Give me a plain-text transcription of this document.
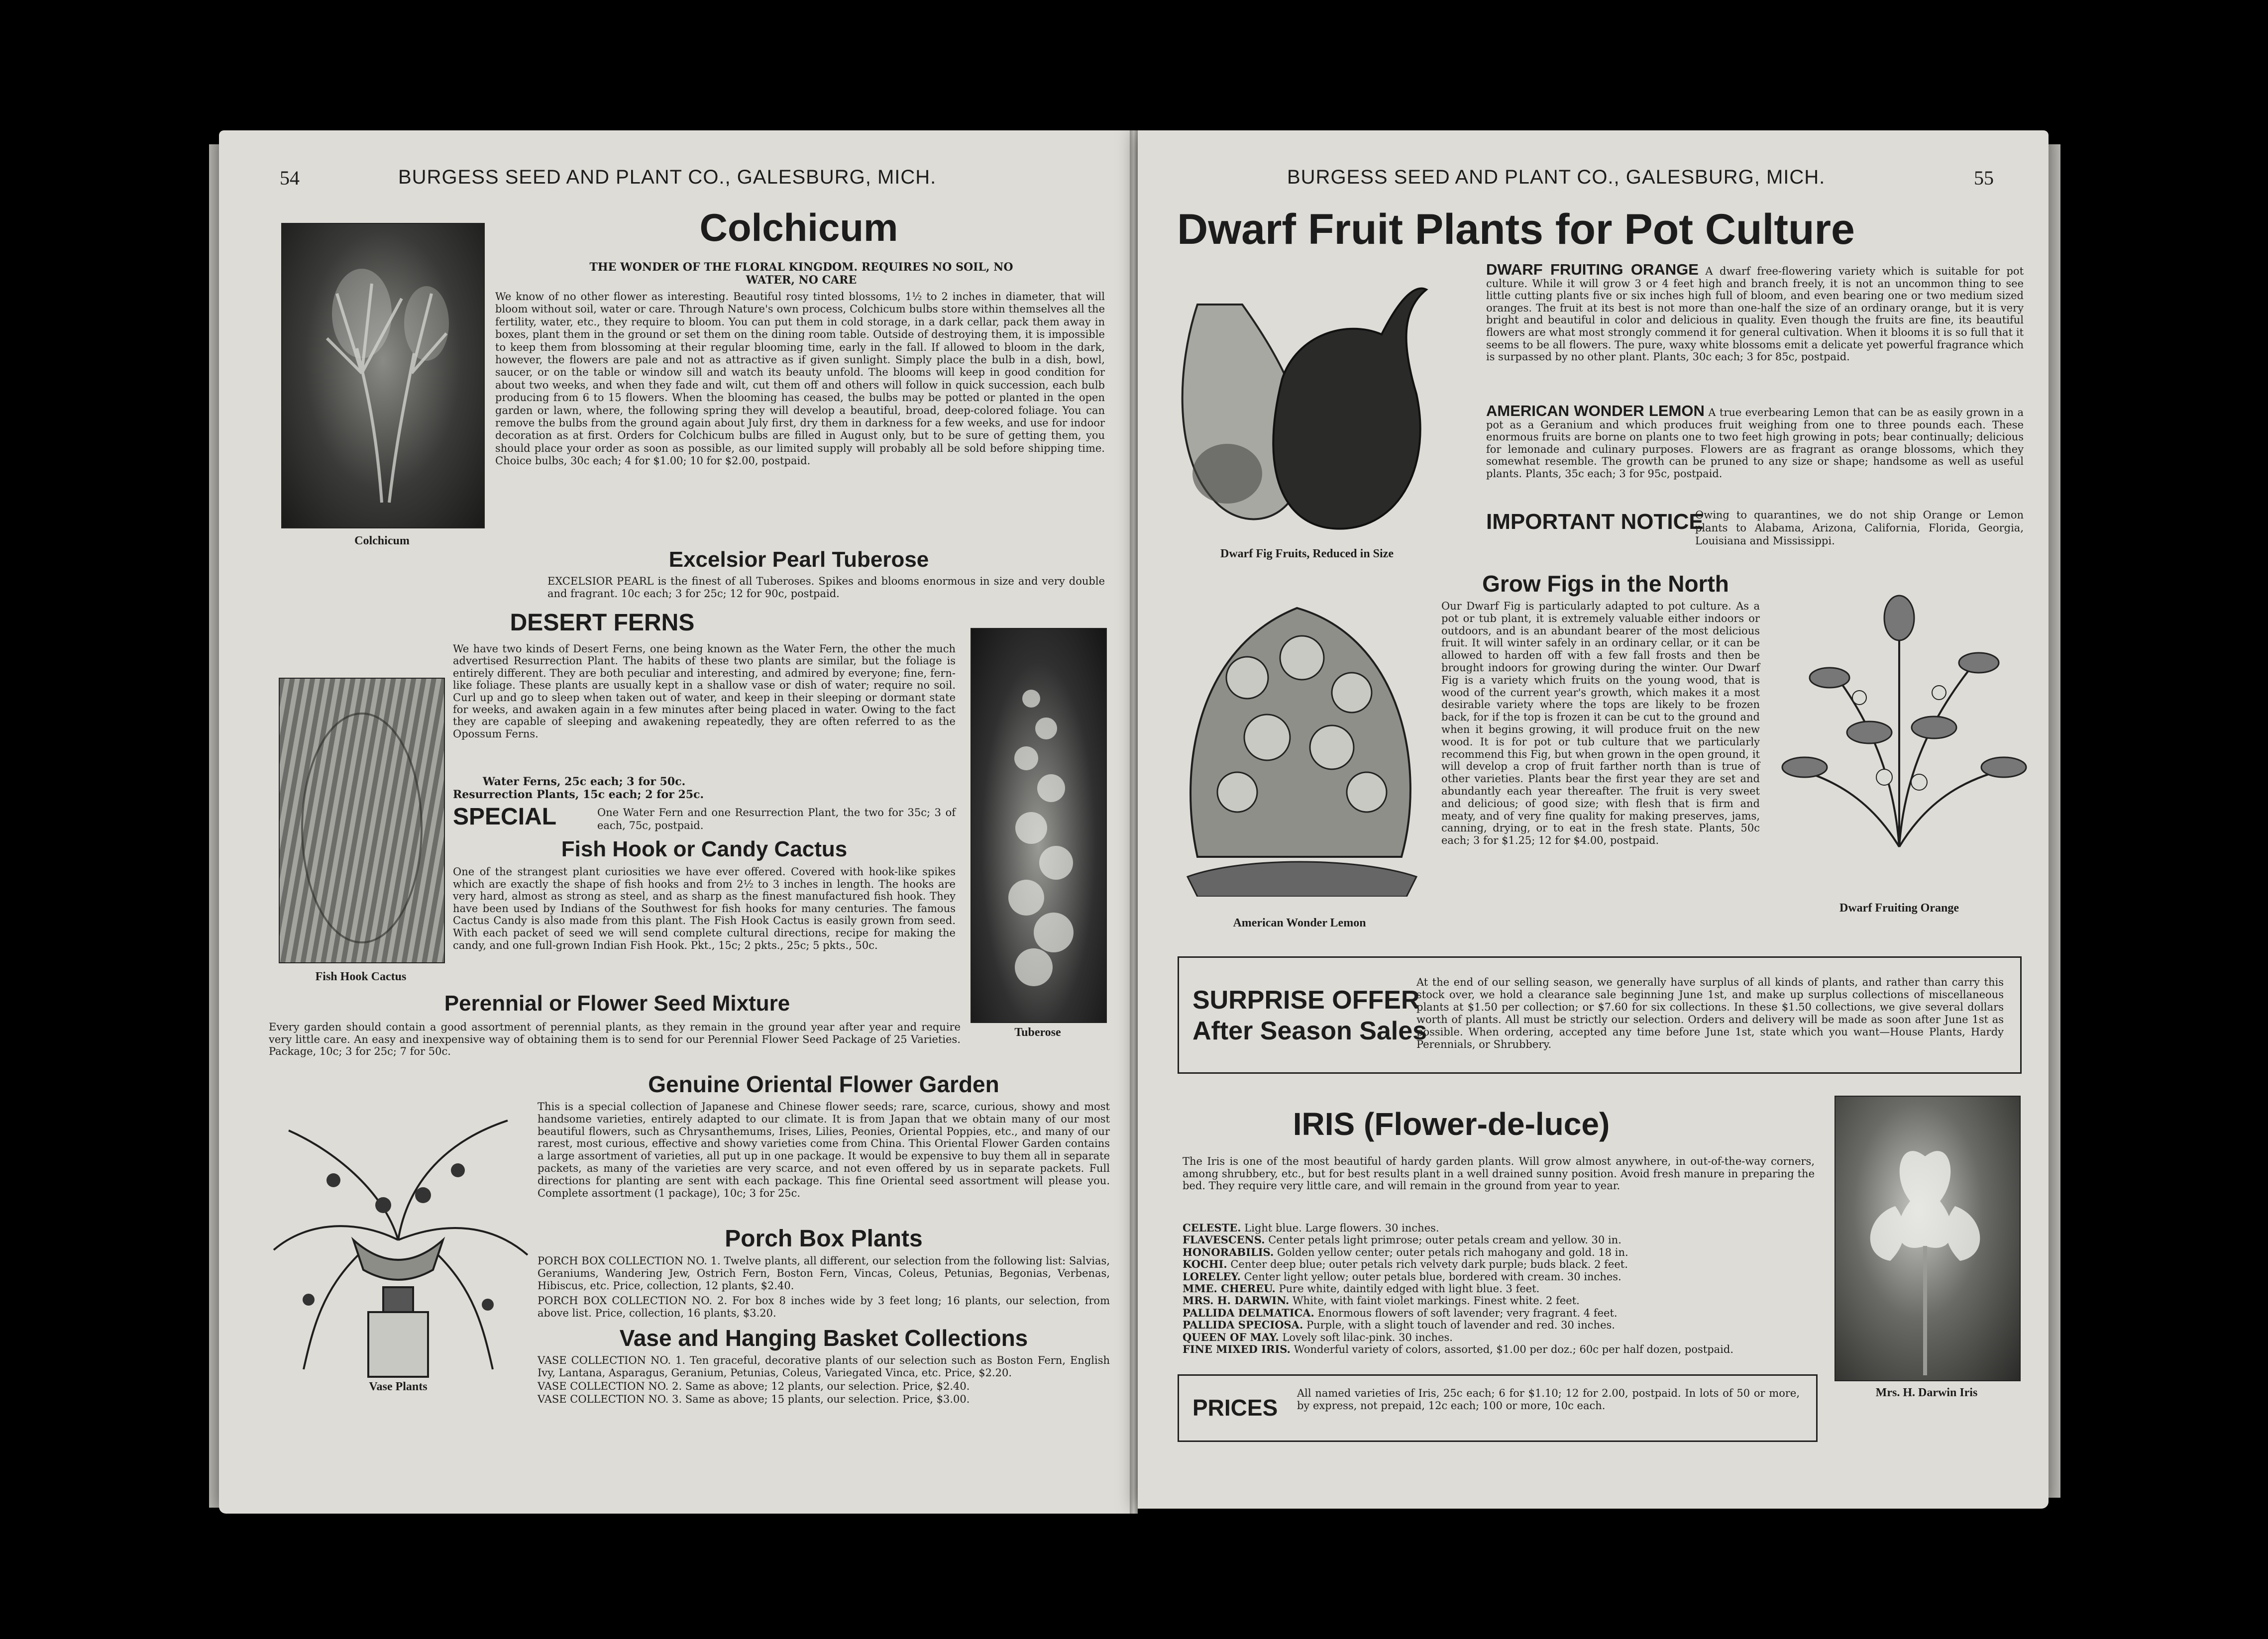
54	BURGESS SEED AND PLANT CO., GALESBURG, MICH.
Colchicum
Colchicum
THE WONDER OF THE FLORAL KINGDOM. REQUIRES NO SOIL, NO WATER, NO CARE
We know of no other flower as interesting. Beautiful rosy tinted blossoms, 1½ to 2 inches in diameter, that will bloom without soil, water or care. Through Nature's own process, Colchicum bulbs store within themselves all the fertility, water, etc., they require to bloom. You can put them in cold storage, in a dark cellar, pack them away in boxes, plant them in the ground or set them on the dining room table. Outside of destroying them, it is impossible to keep them from blossoming at their regular blooming time, early in the fall. If allowed to bloom in the dark, however, the flowers are pale and not as attractive as if given sunlight. Simply place the bulb in a dish, bowl, saucer, or on the table or window sill and watch its beauty unfold. The blooms will keep in good condition for about two weeks, and when they fade and wilt, cut them off and others will follow in quick succession, each bulb producing from 6 to 15 flowers. When the blooming has ceased, the bulbs may be potted or planted in the open garden or lawn, where, the following spring they will develop a beautiful, broad, deep-colored foliage. You can remove the bulbs from the ground again about July first, dry them in darkness for a few weeks, and use for indoor decoration as at first. Orders for Colchicum bulbs are filled in August only, but to be sure of getting them, you should place your order as soon as possible, as our limited supply will probably all be sold before shipping time. Choice bulbs, 30c each; 4 for $1.00; 10 for $2.00, postpaid.
Excelsior Pearl Tuberose
EXCELSIOR PEARL is the finest of all Tuberoses. Spikes and blooms enormous in size and very double and fragrant. 10c each; 3 for 25c; 12 for 90c, postpaid.
DESERT FERNS
We have two kinds of Desert Ferns, one being known as the Water Fern, the other the much advertised Resurrection Plant. The habits of these two plants are similar, but the foliage is entirely different. They are both peculiar and interesting, and admired by everyone; fine, fern-like foliage. These plants are usually kept in a shallow vase or dish of water; require no soil. Curl up and go to sleep when taken out of water, and keep in their sleeping or dormant state for weeks, and awaken again in a few minutes after being placed in water. Owing to the fact they are capable of sleeping and awakening repeatedly, they are often referred to as the Opossum Ferns.
Water Ferns, 25c each; 3 for 50c.
Resurrection Plants, 15c each; 2 for 25c.
SPECIAL	One Water Fern and one Resurrection Plant, the two for 35c; 3 of each, 75c, postpaid.
Fish Hook Cactus
Fish Hook or Candy Cactus
One of the strangest plant curiosities we have ever offered. Covered with hook-like spikes which are exactly the shape of fish hooks and from 2½ to 3 inches in length. The hooks are very hard, almost as strong as steel, and as sharp as the finest manufactured fish hook. They have been used by Indians of the Southwest for fish hooks for many centuries. The famous Cactus Candy is also made from this plant. The Fish Hook Cactus is easily grown from seed. With each packet of seed we will send complete cultural directions, recipe for making the candy, and one full-grown Indian Fish Hook. Pkt., 15c; 2 pkts., 25c; 5 pkts., 50c.
Tuberose
Perennial or Flower Seed Mixture
Every garden should contain a good assortment of perennial plants, as they remain in the ground year after year and require very little care. An easy and inexpensive way of obtaining them is to send for our Perennial Flower Seed Package of 25 Varieties. Package, 10c; 3 for 25c; 7 for 50c.
Vase Plants
Genuine Oriental Flower Garden
This is a special collection of Japanese and Chinese flower seeds; rare, scarce, curious, showy and most handsome varieties, entirely adapted to our climate. It is from Japan that we obtain many of our most beautiful flowers, such as Chrysanthemums, Irises, Lilies, Peonies, Oriental Poppies, etc., and many of our rarest, most curious, effective and showy varieties come from China. This Oriental Flower Garden contains a large assortment of varieties, all put up in one package. It would be expensive to buy them all in separate packets, as many of the varieties are very scarce, and not even offered by us in separate packets. Full directions for planting are sent with each package. This fine Oriental seed assortment will please you. Complete assortment (1 package), 10c; 3 for 25c.
Porch Box Plants
PORCH BOX COLLECTION NO. 1. Twelve plants, all different, our selection from the following list: Salvias, Geraniums, Wandering Jew, Ostrich Fern, Boston Fern, Vincas, Coleus, Petunias, Begonias, Verbenas, Hibiscus, etc. Price, collection, 12 plants, $2.40.
PORCH BOX COLLECTION NO. 2. For box 8 inches wide by 3 feet long; 16 plants, our selection, from above list. Price, collection, 16 plants, $3.20.
Vase and Hanging Basket Collections
VASE COLLECTION NO. 1. Ten graceful, decorative plants of our selection such as Boston Fern, English Ivy, Lantana, Asparagus, Geranium, Petunias, Coleus, Variegated Vinca, etc. Price, $2.20.
VASE COLLECTION NO. 2. Same as above; 12 plants, our selection. Price, $2.40.
VASE COLLECTION NO. 3. Same as above; 15 plants, our selection. Price, $3.00.
BURGESS SEED AND PLANT CO., GALESBURG, MICH.	55
Dwarf Fruit Plants for Pot Culture
Dwarf Fig Fruits, Reduced in Size
DWARF FRUITING ORANGE A dwarf free-flowering variety which is suitable for pot culture. While it will grow 3 or 4 feet high and branch freely, it is not an uncommon thing to see little cutting plants five or six inches high full of bloom, and even bearing one or two medium sized oranges. The fruit at its best is not more than one-half the size of an ordinary orange, but it is very bright and beautiful in color and delicious in quality. Even though the fruits are fine, its beautiful flowers are what most strongly commend it for general cultivation. When it blooms it is so full that it seems to be all flowers. The pure, waxy white blossoms emit a delicate yet powerful fragrance which is surpassed by no other plant. Plants, 30c each; 3 for 85c, postpaid.
AMERICAN WONDER LEMON A true everbearing Lemon that can be as easily grown in a pot as a Geranium and which produces fruit weighing from one to three pounds each. These enormous fruits are borne on plants one to two feet high growing in pots; bear continually; delicious for lemonade and culinary purposes. Flowers are as fragrant as orange blossoms, which they somewhat resemble. The growth can be pruned to any size or shape; handsome as well as useful plants. Plants, 35c each; 3 for 95c, postpaid.
IMPORTANT NOTICE
Owing to quarantines, we do not ship Orange or Lemon plants to Alabama, Arizona, California, Florida, Georgia, Louisiana and Mississippi.
American Wonder Lemon
Grow Figs in the North
Our Dwarf Fig is particularly adapted to pot culture. As a pot or tub plant, it is extremely valuable either indoors or outdoors, and is an abundant bearer of the most delicious fruit. It will winter safely in an ordinary cellar, or it can be allowed to harden off with a few fall frosts and then be brought indoors for growing during the winter. Our Dwarf Fig is a variety which fruits on the young wood, that is wood of the current year's growth, which makes it a most desirable variety where the tops are likely to be frozen back, for if the top is frozen it can be cut to the ground and when it begins growing, it will produce fruit on the new wood. It is for pot or tub culture that we particularly recommend this Fig, but when grown in the open ground, it will develop a crop of fruit farther north than is true of other varieties. Plants bear the first year they are set and abundantly each year thereafter. The fruit is very sweet and delicious; of good size; with flesh that is firm and meaty, and of very fine quality for making preserves, jams, canning, drying, or to eat in the fresh state. Plants, 50c each; 3 for $1.25; 12 for $4.00, postpaid.
Dwarf Fruiting Orange
SURPRISE OFFER
After Season Sales
At the end of our selling season, we generally have surplus of all kinds of plants, and rather than carry this stock over, we hold a clearance sale beginning June 1st, and make up surplus collections of miscellaneous plants at $1.50 per collection; or $7.60 for six collections. In these $1.50 collections, we give several dollars worth of plants. All must be strictly our selection. Orders and delivery will be made as soon after June 1st as possible. When ordering, accepted any time before June 1st, state which you want—House Plants, Hardy Perennials, or Shrubbery.
IRIS (Flower-de-luce)
The Iris is one of the most beautiful of hardy garden plants. Will grow almost anywhere, in out-of-the-way corners, among shrubbery, etc., but for best results plant in a well drained sunny position. Avoid fresh manure in preparing the bed. They require very little care, and will remain in the ground from year to year.
CELESTE. Light blue. Large flowers. 30 inches.
FLAVESCENS. Center petals light primrose; outer petals cream and yellow. 30 in.
HONORABILIS. Golden yellow center; outer petals rich mahogany and gold. 18 in.
KOCHI. Center deep blue; outer petals rich velvety dark purple; buds black. 2 feet.
LORELEY. Center light yellow; outer petals blue, bordered with cream. 30 inches.
MME. CHEREU. Pure white, daintily edged with light blue. 3 feet.
MRS. H. DARWIN. White, with faint violet markings. Finest white. 2 feet.
PALLIDA DELMATICA. Enormous flowers of soft lavender; very fragrant. 4 feet.
PALLIDA SPECIOSA. Purple, with a slight touch of lavender and red. 30 inches.
QUEEN OF MAY. Lovely soft lilac-pink. 30 inches.
FINE MIXED IRIS. Wonderful variety of colors, assorted, $1.00 per doz.; 60c per half dozen, postpaid.
PRICES
All named varieties of Iris, 25c each; 6 for $1.10; 12 for 2.00, postpaid. In lots of 50 or more, by express, not prepaid, 12c each; 100 or more, 10c each.
Mrs. H. Darwin Iris
